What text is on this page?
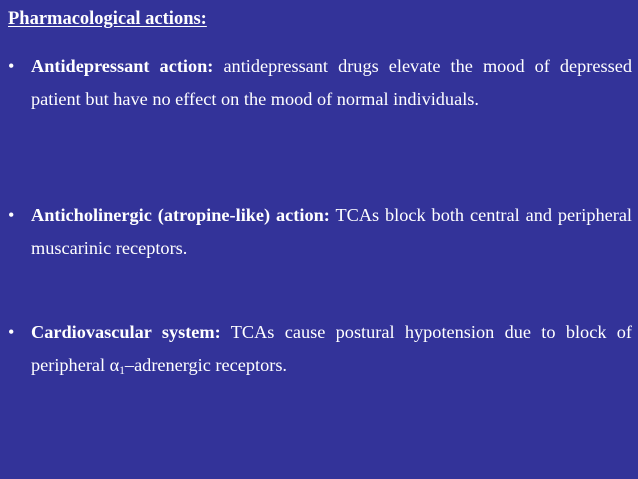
Pharmacological actions:
• Antidepressant action: antidepressant drugs elevate the mood of depressed patient but have no effect on the mood of normal individuals.
• Anticholinergic (atropine-like) action: TCAs block both central and peripheral muscarinic receptors.
• Cardiovascular system: TCAs cause postural hypotension due to block of peripheral $\alpha_1$–adrenergic receptors.
